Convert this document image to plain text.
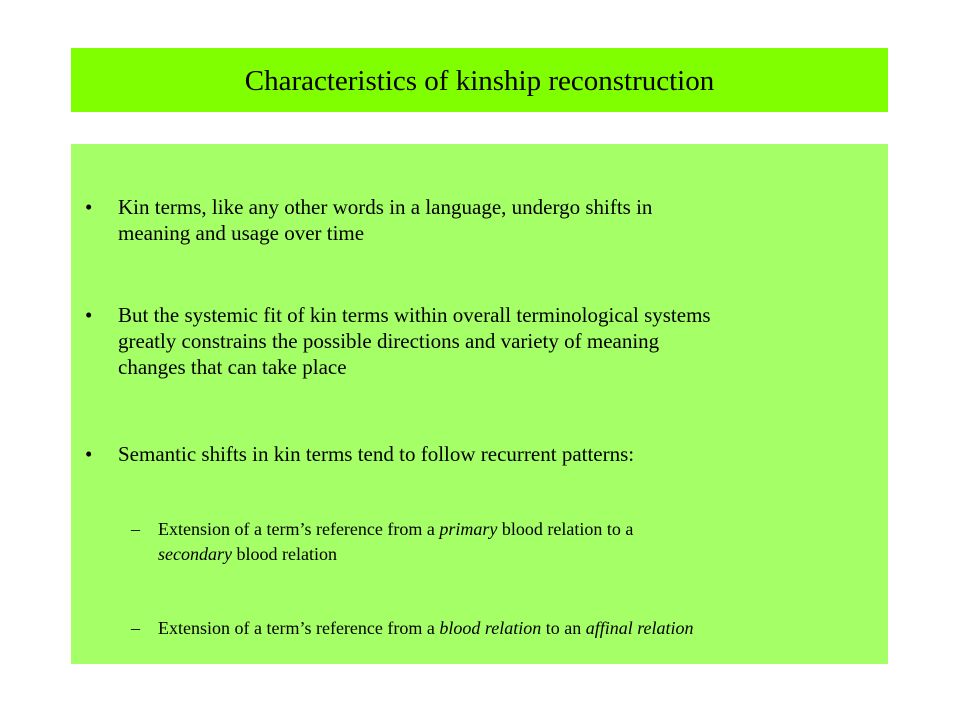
Characteristics of kinship reconstruction
• Kin terms, like any other words in a language, undergo shifts in
meaning and usage over time
• But the systemic fit of kin terms within overall terminological systems
greatly constrains the possible directions and variety of meaning
changes that can take place
• Semantic shifts in kin terms tend to follow recurrent patterns:
– Extension of a term’s reference from a primary blood relation to a
secondary blood relation
– Extension of a term’s reference from a blood relation to an affinal relation
